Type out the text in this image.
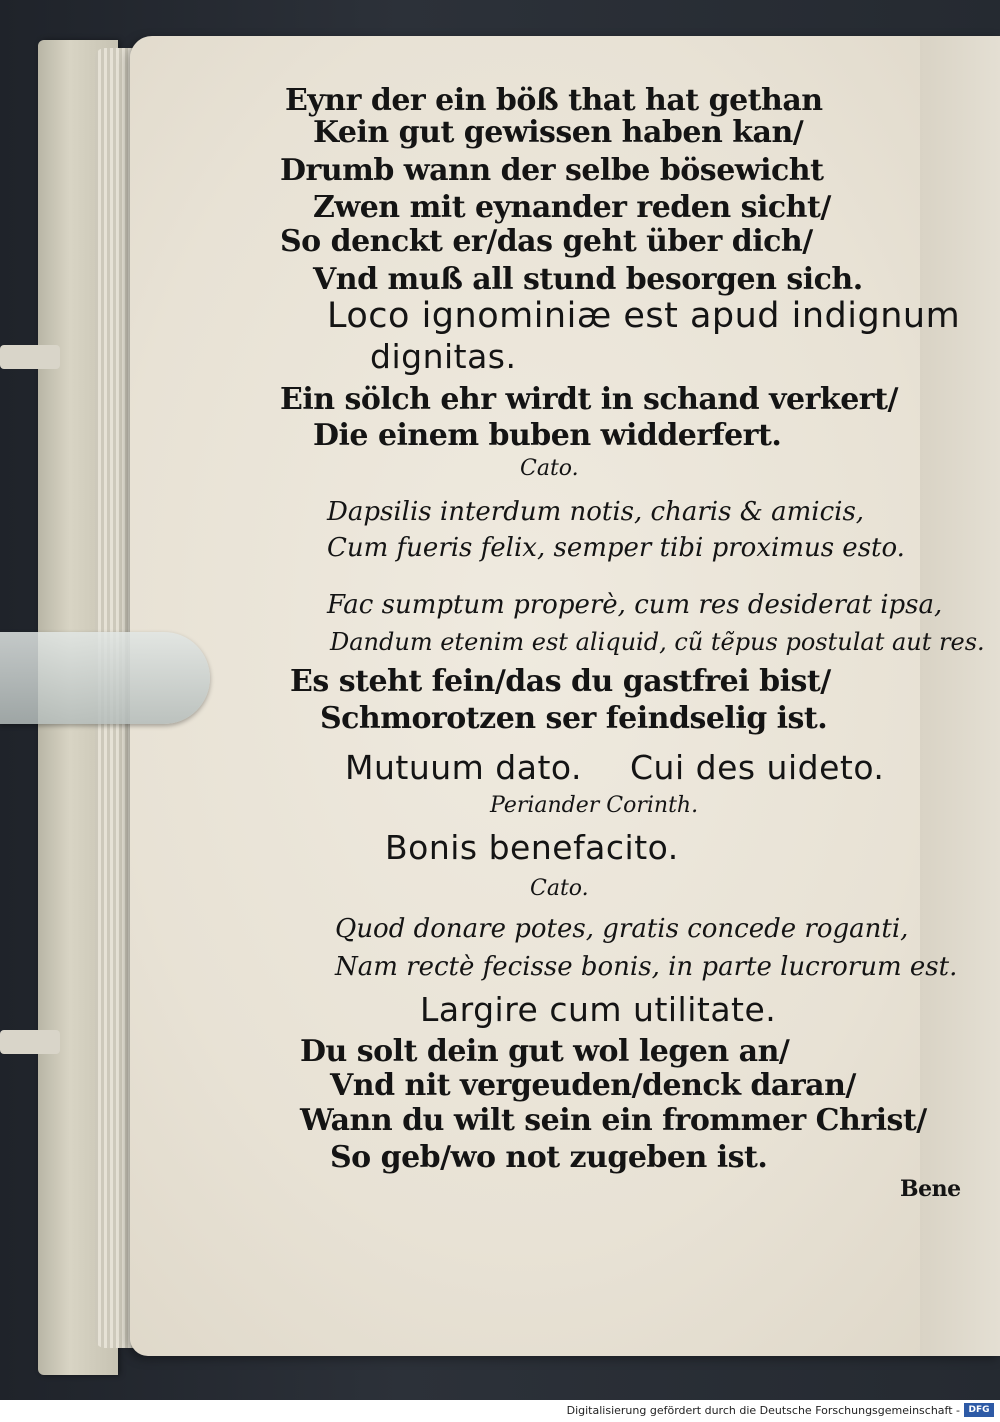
Eynr der ein böß that hat gethan
Kein gut gewissen haben kan/
Drumb wann der selbe bösewicht
Zwen mit eynander reden sicht/
So denckt er/das geht über dich/
Vnd muß all stund besorgen sich.
Loco ignominiæ est apud indignum
dignitas.
Ein sölch ehr wirdt in schand verkert/
Die einem buben widderfert.
Cato.
Dapsilis interdum notis, charis & amicis,
Cum fueris felix, semper tibi proximus esto.
Fac sumptum properè, cum res desiderat ipsa,
Dandum etenim est aliquid, cũ tẽpus postulat aut res.
Es steht fein/das du gastfrei bist/
Schmorotzen ser feindselig ist.
Mutuum dato. Cui des uideto.
Periander Corinth.
Bonis benefacito.
Cato.
Quod donare potes, gratis concede roganti,
Nam rectè fecisse bonis, in parte lucrorum est.
Largire cum utilitate.
Du solt dein gut wol legen an/
Vnd nit vergeuden/denck daran/
Wann du wilt sein ein frommer Christ/
So geb/wo not zugeben ist.
Bene
Digitalisierung gefördert durch die Deutsche Forschungsgemeinschaft - DFG
